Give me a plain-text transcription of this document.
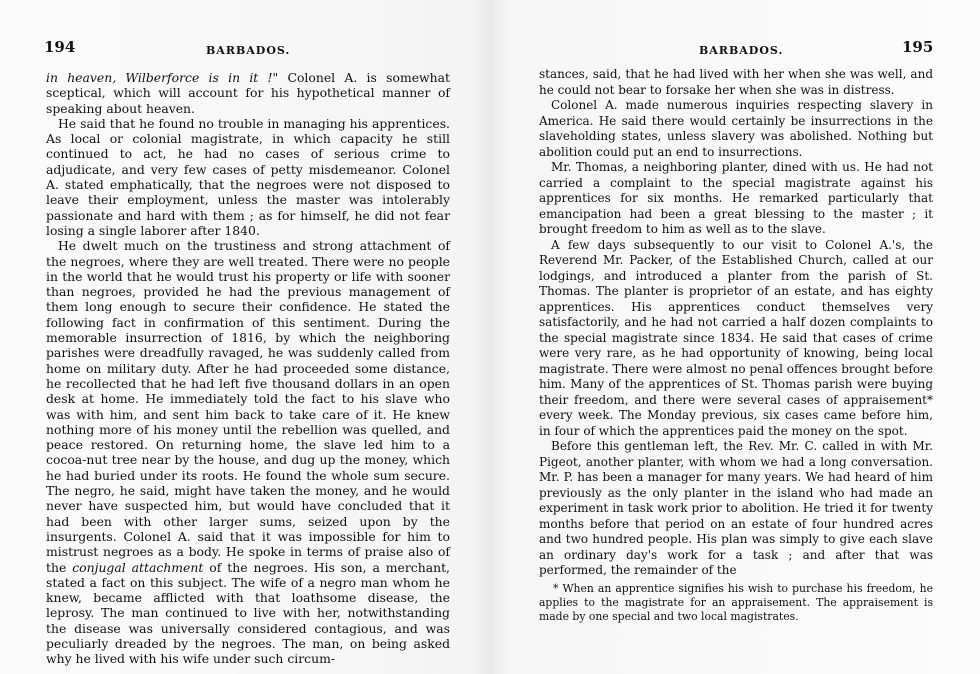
194	BARBADOS.

in heaven, Wilberforce is in it !" Colonel A. is somewhat sceptical, which will account for his hypothetical manner of speaking about heaven.

He said that he found no trouble in managing his apprentices. As local or colonial magistrate, in which capacity he still continued to act, he had no cases of serious crime to adjudicate, and very few cases of petty misdemeanor. Colonel A. stated emphatically, that the negroes were not disposed to leave their employment, unless the master was intolerably passionate and hard with them ; as for himself, he did not fear losing a single laborer after 1840.

He dwelt much on the trustiness and strong attachment of the negroes, where they are well treated. There were no people in the world that he would trust his property or life with sooner than negroes, provided he had the previous management of them long enough to secure their confidence. He stated the following fact in confirmation of this sentiment. During the memorable insurrection of 1816, by which the neighboring parishes were dreadfully ravaged, he was suddenly called from home on military duty. After he had proceeded some distance, he recollected that he had left five thousand dollars in an open desk at home. He immediately told the fact to his slave who was with him, and sent him back to take care of it. He knew nothing more of his money until the rebellion was quelled, and peace restored. On returning home, the slave led him to a cocoa-nut tree near by the house, and dug up the money, which he had buried under its roots. He found the whole sum secure. The negro, he said, might have taken the money, and he would never have suspected him, but would have concluded that it had been with other larger sums, seized upon by the insurgents. Colonel A. said that it was impossible for him to mistrust negroes as a body. He spoke in terms of praise also of the conjugal attachment of the negroes. His son, a merchant, stated a fact on this subject. The wife of a negro man whom he knew, became afflicted with that loathsome disease, the leprosy. The man continued to live with her, notwithstanding the disease was universally considered contagious, and was peculiarly dreaded by the negroes. The man, on being asked why he lived with his wife under such circum-

BARBADOS.	195

stances, said, that he had lived with her when she was well, and he could not bear to forsake her when she was in distress.

Colonel A. made numerous inquiries respecting slavery in America. He said there would certainly be insurrections in the slaveholding states, unless slavery was abolished. Nothing but abolition could put an end to insurrections.

Mr. Thomas, a neighboring planter, dined with us. He had not carried a complaint to the special magistrate against his apprentices for six months. He remarked particularly that emancipation had been a great blessing to the master ; it brought freedom to him as well as to the slave.

A few days subsequently to our visit to Colonel A.'s, the Reverend Mr. Packer, of the Established Church, called at our lodgings, and introduced a planter from the parish of St. Thomas. The planter is proprietor of an estate, and has eighty apprentices. His apprentices conduct themselves very satisfactorily, and he had not carried a half dozen complaints to the special magistrate since 1834. He said that cases of crime were very rare, as he had opportunity of knowing, being local magistrate. There were almost no penal offences brought before him. Many of the apprentices of St. Thomas parish were buying their freedom, and there were several cases of appraisement* every week. The Monday previous, six cases came before him, in four of which the apprentices paid the money on the spot.

Before this gentleman left, the Rev. Mr. C. called in with Mr. Pigeot, another planter, with whom we had a long conversation. Mr. P. has been a manager for many years. We had heard of him previously as the only planter in the island who had made an experiment in task work prior to abolition. He tried it for twenty months before that period on an estate of four hundred acres and two hundred people. His plan was simply to give each slave an ordinary day's work for a task ; and after that was performed, the remainder of the

* When an apprentice signifies his wish to purchase his freedom, he applies to the magistrate for an appraisement. The appraisement is made by one special and two local magistrates.
